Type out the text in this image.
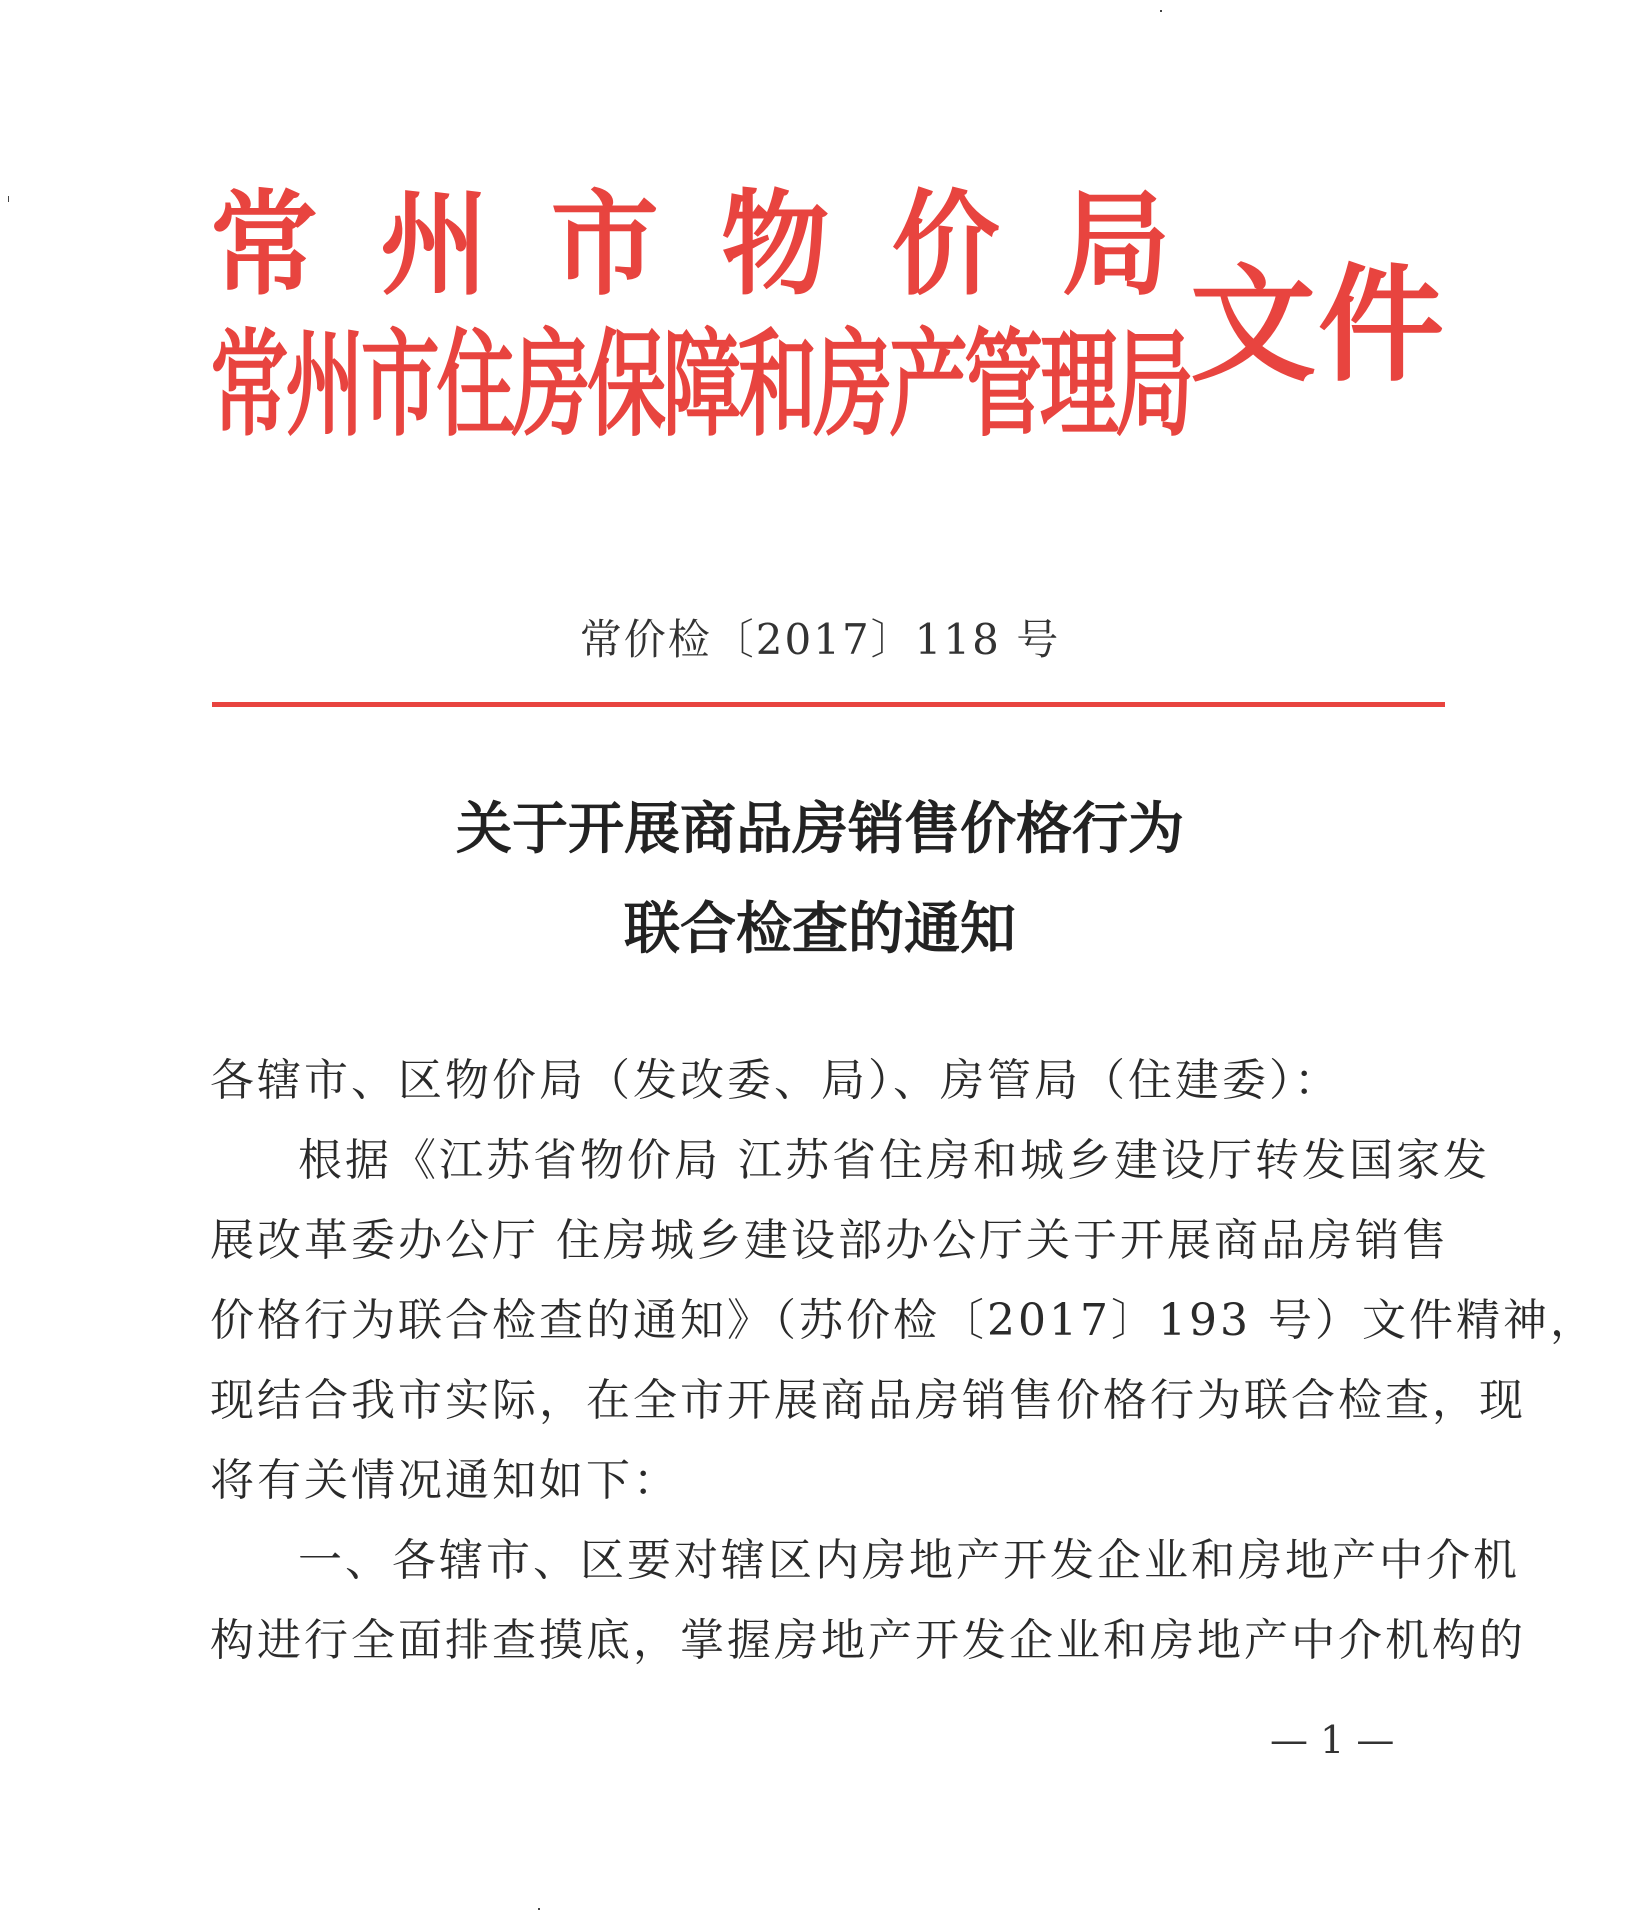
常 州 市 物 价 局
常州市住房保障和房产管理局 文件
常价检〔2017〕118 号
关于开展商品房销售价格行为
联合检查的通知
各辖市、区物价局（发改委、局）、房管局（住建委）：
根据《江苏省物价局 江苏省住房和城乡建设厅转发国家发
展改革委办公厅 住房城乡建设部办公厅关于开展商品房销售
价格行为联合检查的通知》（苏价检〔2017〕193 号）文件精神，
现结合我市实际，在全市开展商品房销售价格行为联合检查，现
将有关情况通知如下：
一、各辖市、区要对辖区内房地产开发企业和房地产中介机
构进行全面排查摸底，掌握房地产开发企业和房地产中介机构的
— 1 —
